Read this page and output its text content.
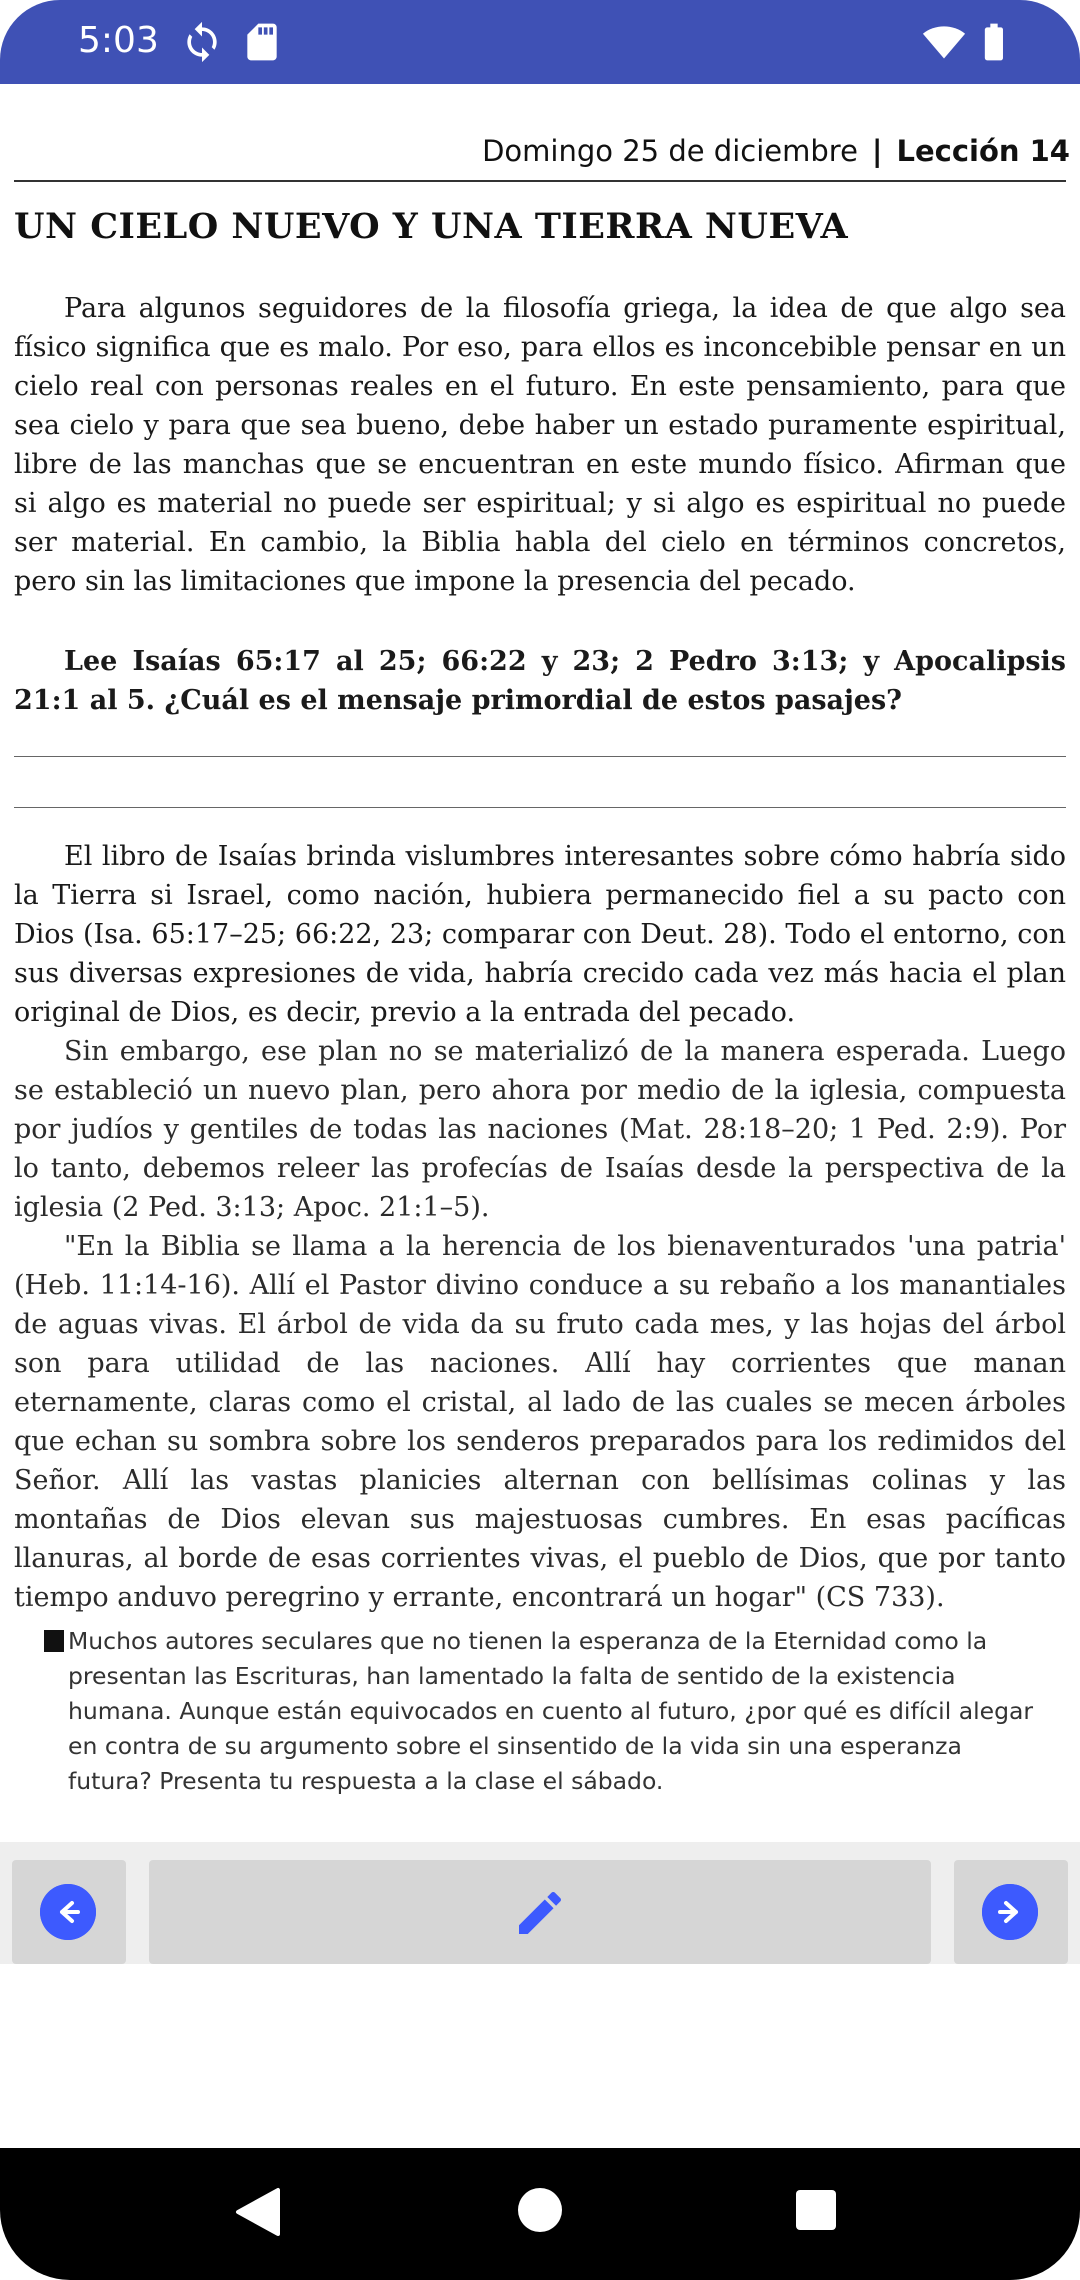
5:03
Domingo 25 de diciembre | Lección 14
UN CIELO NUEVO Y UNA TIERRA NUEVA

Para algunos seguidores de la filosofía griega, la idea de que algo sea físico significa que es malo. Por eso, para ellos es inconcebible pensar en un cielo real con personas reales en el futuro. En este pensamiento, para que sea cielo y para que sea bueno, debe haber un estado puramente espiritual, libre de las manchas que se encuentran en este mundo físico. Afirman que si algo es material no puede ser espiritual; y si algo es espiritual no puede ser material. En cambio, la Biblia habla del cielo en términos concretos, pero sin las limitaciones que impone la presencia del pecado.

Lee Isaías 65:17 al 25; 66:22 y 23; 2 Pedro 3:13; y Apocalipsis 21:1 al 5. ¿Cuál es el mensaje primordial de estos pasajes?

El libro de Isaías brinda vislumbres interesantes sobre cómo habría sido la Tierra si Israel, como nación, hubiera permanecido fiel a su pacto con Dios (Isa. 65:17–25; 66:22, 23; comparar con Deut. 28). Todo el entorno, con sus diversas expresiones de vida, habría crecido cada vez más hacia el plan original de Dios, es decir, previo a la entrada del pecado.

Sin embargo, ese plan no se materializó de la manera esperada. Luego se estableció un nuevo plan, pero ahora por medio de la iglesia, compuesta por judíos y gentiles de todas las naciones (Mat. 28:18–20; 1 Ped. 2:9). Por lo tanto, debemos releer las profecías de Isaías desde la perspectiva de la iglesia (2 Ped. 3:13; Apoc. 21:1–5).

"En la Biblia se llama a la herencia de los bienaventurados 'una patria' (Heb. 11:14-16). Allí el Pastor divino conduce a su rebaño a los manantiales de aguas vivas. El árbol de vida da su fruto cada mes, y las hojas del árbol son para utilidad de las naciones. Allí hay corrientes que manan eternamente, claras como el cristal, al lado de las cuales se mecen árboles que echan su sombra sobre los senderos preparados para los redimidos del Señor. Allí las vastas planicies alternan con bellísimas colinas y las montañas de Dios elevan sus majestuosas cumbres. En esas pacíficas llanuras, al borde de esas corrientes vivas, el pueblo de Dios, que por tanto tiempo anduvo peregrino y errante, encontrará un hogar" (CS 733).

Muchos autores seculares que no tienen la esperanza de la Eternidad como la presentan las Escrituras, han lamentado la falta de sentido de la existencia humana. Aunque están equivocados en cuento al futuro, ¿por qué es difícil alegar en contra de su argumento sobre el sinsentido de la vida sin una esperanza futura? Presenta tu respuesta a la clase el sábado.
